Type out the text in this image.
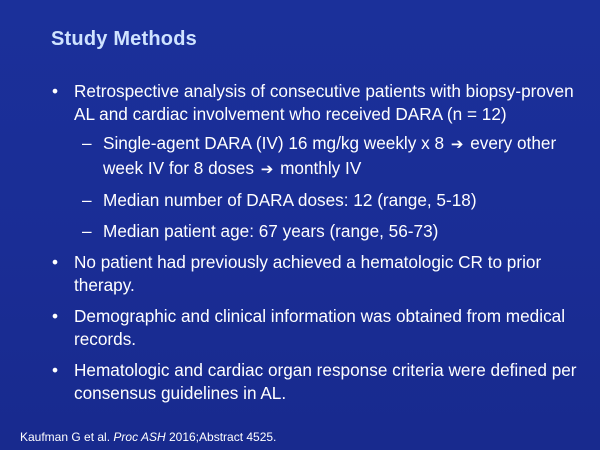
Study Methods
• Retrospective analysis of consecutive patients with biopsy-proven AL and cardiac involvement who received DARA (n = 12)
– Single-agent DARA (IV) 16 mg/kg weekly x 8 ➔ every other week IV for 8 doses ➔ monthly IV
– Median number of DARA doses: 12 (range, 5-18)
– Median patient age: 67 years (range, 56-73)
• No patient had previously achieved a hematologic CR to prior therapy.
• Demographic and clinical information was obtained from medical records.
• Hematologic and cardiac organ response criteria were defined per consensus guidelines in AL.
Kaufman G et al. Proc ASH 2016;Abstract 4525.
